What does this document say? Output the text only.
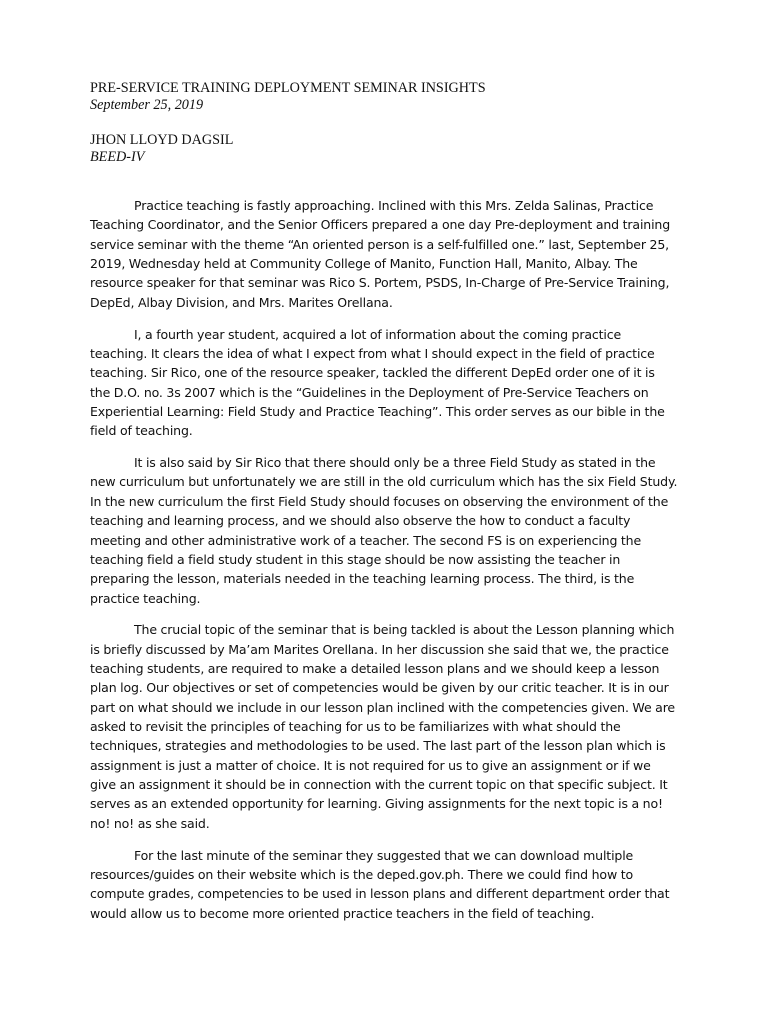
PRE-SERVICE TRAINING DEPLOYMENT SEMINAR INSIGHTS

September 25, 2019

JHON LLOYD DAGSIL

BEED-IV

Practice teaching is fastly approaching. Inclined with this Mrs. Zelda Salinas, Practice Teaching Coordinator, and the Senior Officers prepared a one day Pre-deployment and training service seminar with the theme “An oriented person is a self-fulfilled one.” last, September 25, 2019, Wednesday held at Community College of Manito, Function Hall, Manito, Albay. The resource speaker for that seminar was Rico S. Portem, PSDS, In-Charge of Pre-Service Training, DepEd, Albay Division, and Mrs. Marites Orellana.

I, a fourth year student, acquired a lot of information about the coming practice teaching. It clears the idea of what I expect from what I should expect in the field of practice teaching. Sir Rico, one of the resource speaker, tackled the different DepEd order one of it is the D.O. no. 3s 2007 which is the “Guidelines in the Deployment of Pre-Service Teachers on Experiential Learning: Field Study and Practice Teaching”. This order serves as our bible in the field of teaching.

It is also said by Sir Rico that there should only be a three Field Study as stated in the new curriculum but unfortunately we are still in the old curriculum which has the six Field Study. In the new curriculum the first Field Study should focuses on observing the environment of the teaching and learning process, and we should also observe the how to conduct a faculty meeting and other administrative work of a teacher. The second FS is on experiencing the teaching field a field study student in this stage should be now assisting the teacher in preparing the lesson, materials needed in the teaching learning process. The third, is the practice teaching.

The crucial topic of the seminar that is being tackled is about the Lesson planning which is briefly discussed by Ma’am Marites Orellana. In her discussion she said that we, the practice teaching students, are required to make a detailed lesson plans and we should keep a lesson plan log. Our objectives or set of competencies would be given by our critic teacher. It is in our part on what should we include in our lesson plan inclined with the competencies given. We are asked to revisit the principles of teaching for us to be familiarizes with what should the techniques, strategies and methodologies to be used. The last part of the lesson plan which is assignment is just a matter of choice. It is not required for us to give an assignment or if we give an assignment it should be in connection with the current topic on that specific subject. It serves as an extended opportunity for learning. Giving assignments for the next topic is a no! no! no! as she said.

For the last minute of the seminar they suggested that we can download multiple resources/guides on their website which is the deped.gov.ph. There we could find how to compute grades, competencies to be used in lesson plans and different department order that would allow us to become more oriented practice teachers in the field of teaching.
